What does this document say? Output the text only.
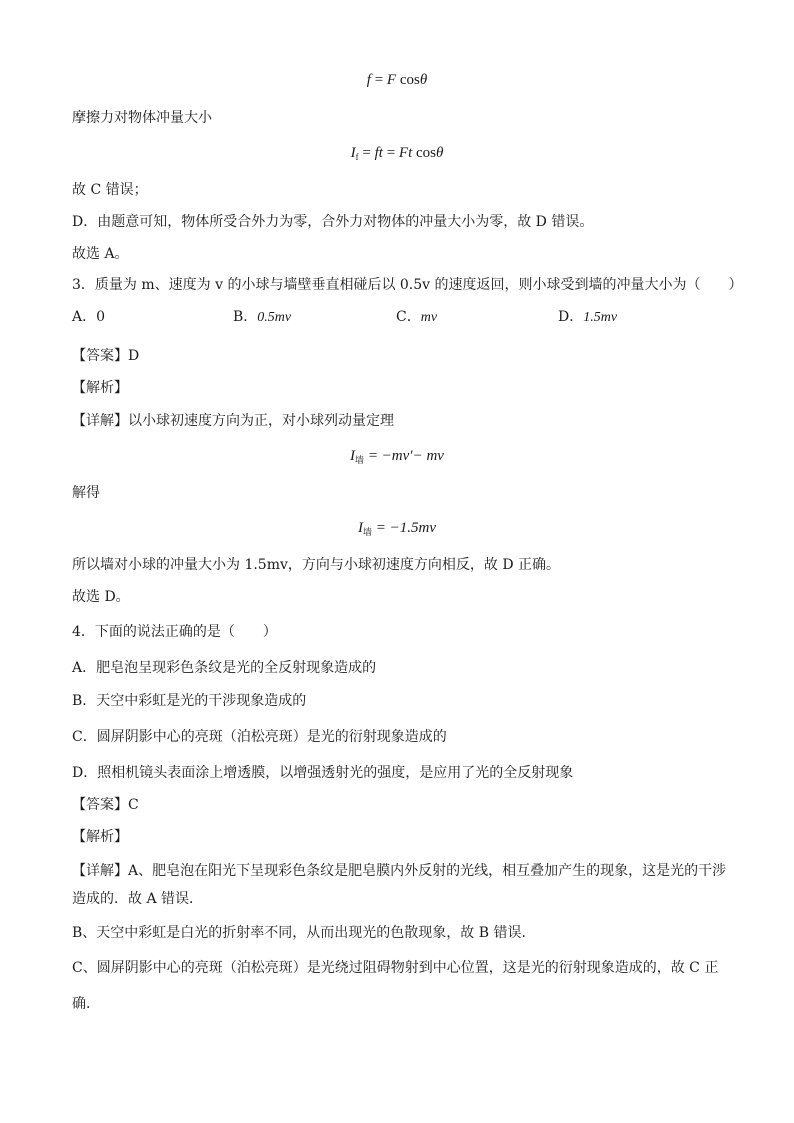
f = F cosθ
摩擦力对物体冲量大小
$I_f$ = ft = Ft cosθ
故 C 错误；
D．由题意可知，物体所受合外力为零，合外力对物体的冲量大小为零，故 D 错误。
故选 A。
3．质量为 m、速度为 v 的小球与墙壁垂直相碰后以 0.5v 的速度返回，则小球受到墙的冲量大小为（　　）
A．0	B．0.5mv	C．mv	D．1.5mv
【答案】D
【解析】
【详解】以小球初速度方向为正，对小球列动量定理
$I_墙 = -mv'-$ mv
解得
$I_墙 = -1.5mv$
所以墙对小球的冲量大小为 1.5mv，方向与小球初速度方向相反，故 D 正确。
故选 D。
4．下面的说法正确的是（　　）
A．肥皂泡呈现彩色条纹是光的全反射现象造成的
B．天空中彩虹是光的干涉现象造成的
C．圆屏阴影中心的亮斑（泊松亮斑）是光的衍射现象造成的
D．照相机镜头表面涂上增透膜，以增强透射光的强度，是应用了光的全反射现象
【答案】C
【解析】
【详解】A、肥皂泡在阳光下呈现彩色条纹是肥皂膜内外反射的光线，相互叠加产生的现象，这是光的干涉
造成的．故 A 错误．
B、天空中彩虹是白光的折射率不同，从而出现光的色散现象，故 B 错误．
C、圆屏阴影中心的亮斑（泊松亮斑）是光绕过阻碍物射到中心位置，这是光的衍射现象造成的，故 C 正
确．
